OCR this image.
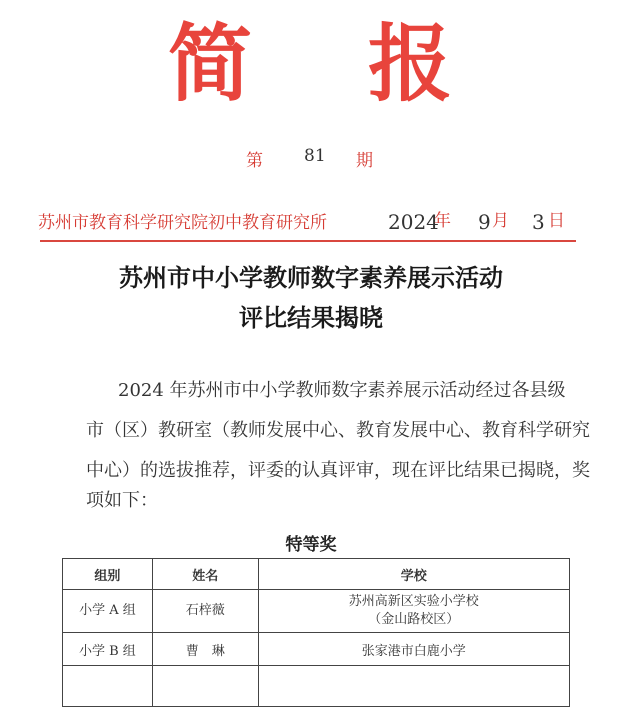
简 报
第 81 期
苏州市教育科学研究院初中教育研究所	2024
年 9 月 3 日
苏州市中小学教师数字素养展示活动
评比结果揭晓
2024 年苏州市中小学教师数字素养展示活动经过各县级
市（区）教研室（教师发展中心、教育发展中心、教育科学研究
中心）的选拔推荐，评委的认真评审，现在评比结果已揭晓，奖
项如下：
特等奖
组别	姓名	学校
小学 A 组	石梓薇	苏州高新区实验小学校
（金山路校区）

小学 B 组	曹　琳	张家港市白鹿小学
